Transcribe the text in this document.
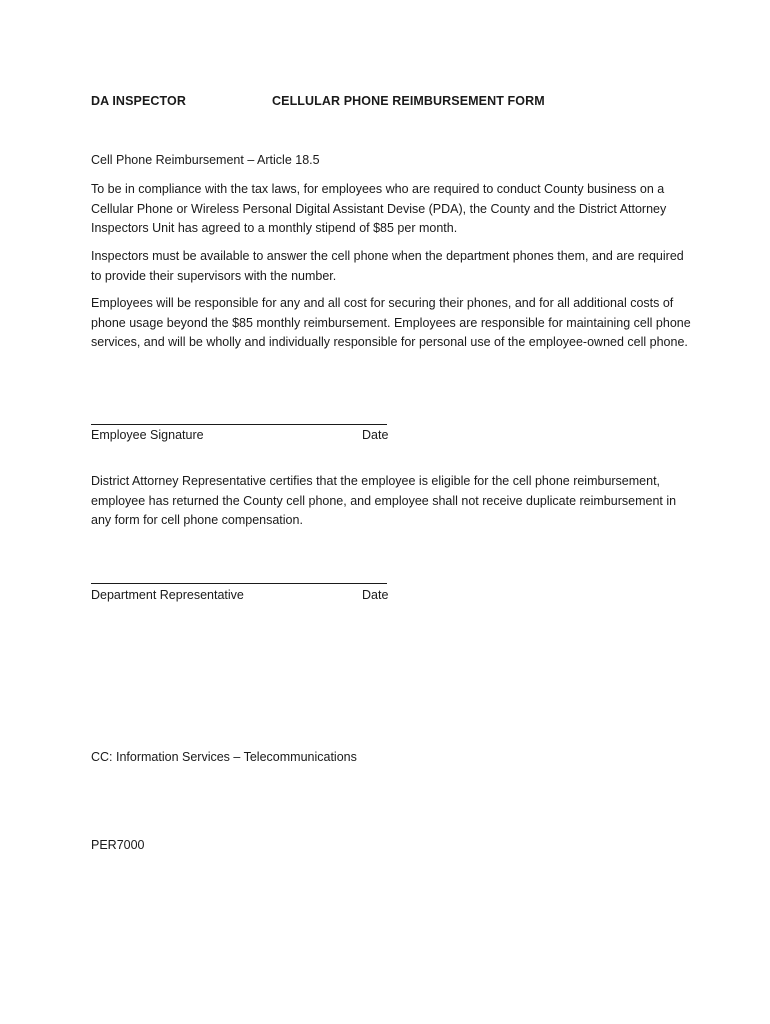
DA INSPECTOR	CELLULAR PHONE REIMBURSEMENT FORM
Cell Phone Reimbursement – Article 18.5

To be in compliance with the tax laws, for employees who are required to conduct County business on a Cellular Phone or Wireless Personal Digital Assistant Devise (PDA), the County and the District Attorney Inspectors Unit has agreed to a monthly stipend of $85 per month.

Inspectors must be available to answer the cell phone when the department phones them, and are required to provide their supervisors with the number.

Employees will be responsible for any and all cost for securing their phones, and for all additional costs of phone usage beyond the $85 monthly reimbursement. Employees are responsible for maintaining cell phone services, and will be wholly and individually responsible for personal use of the employee-owned cell phone.

Employee Signature	Date

District Attorney Representative certifies that the employee is eligible for the cell phone reimbursement, employee has returned the County cell phone, and employee shall not receive duplicate reimbursement in any form for cell phone compensation.

Department Representative	Date
CC: Information Services – Telecommunications
PER7000
